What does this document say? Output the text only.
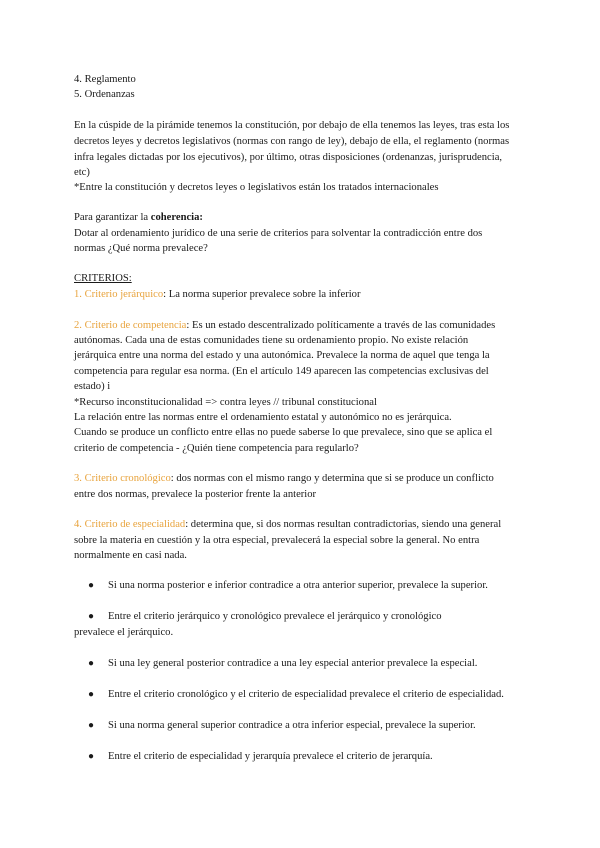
4. Reglamento
5. Ordenanzas
En la cúspide de la pirámide tenemos la constitución, por debajo de ella tenemos las leyes, tras esta los
decretos leyes y decretos legislativos (normas con rango de ley), debajo de ella, el reglamento (normas
infra legales dictadas por los ejecutivos), por último, otras disposiciones (ordenanzas, jurisprudencia,
etc)
*Entre la constitución y decretos leyes o legislativos están los tratados internacionales
Para garantizar la coherencia:
Dotar al ordenamiento jurídico de una serie de criterios para solventar la contradicción entre dos
normas ¿Qué norma prevalece?
CRITERIOS:
1. Criterio jerárquico: La norma superior prevalece sobre la inferior
2. Criterio de competencia: Es un estado descentralizado políticamente a través de las comunidades
autónomas. Cada una de estas comunidades tiene su ordenamiento propio. No existe relación
jerárquica entre una norma del estado y una autonómica. Prevalece la norma de aquel que tenga la
competencia para regular esa norma. (En el artículo 149 aparecen las competencias exclusivas del
estado) i
*Recurso inconstitucionalidad => contra leyes // tribunal constitucional
La relación entre las normas entre el ordenamiento estatal y autonómico no es jerárquica.
Cuando se produce un conflicto entre ellas no puede saberse lo que prevalece, sino que se aplica el
criterio de competencia - ¿Quién tiene competencia para regularlo?
3. Criterio cronológico: dos normas con el mismo rango y determina que si se produce un conflicto
entre dos normas, prevalece la posterior frente la anterior
4. Criterio de especialidad: determina que, si dos normas resultan contradictorias, siendo una general
sobre la materia en cuestión y la otra especial, prevalecerá la especial sobre la general. No entra
normalmente en casi nada.
● Si una norma posterior e inferior contradice a otra anterior superior, prevalece la superior.
● Entre el criterio jerárquico y cronológico prevalece el jerárquico y cronológico
prevalece el jerárquico.
● Si una ley general posterior contradice a una ley especial anterior prevalece la especial.
● Entre el criterio cronológico y el criterio de especialidad prevalece el criterio de especialidad.
● Si una norma general superior contradice a otra inferior especial, prevalece la superior.
● Entre el criterio de especialidad y jerarquía prevalece el criterio de jerarquía.
